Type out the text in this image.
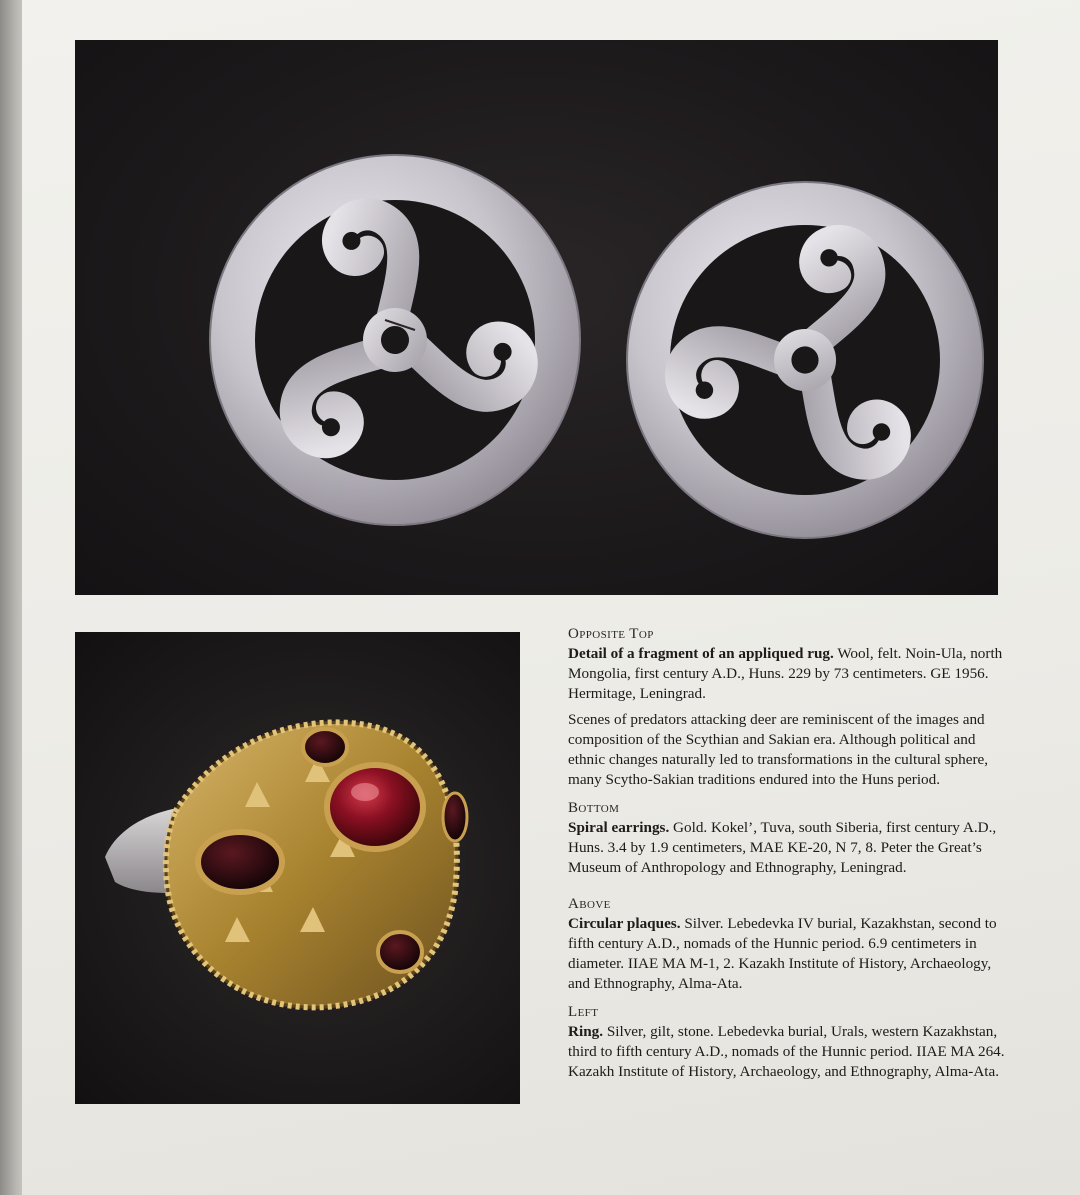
Opposite Top
Detail of a fragment of an appliqued rug. Wool, felt. Noin-Ula, north Mongolia, first century A.D., Huns. 229 by 73 centimeters. GE 1956. Hermitage, Leningrad.
Scenes of predators attacking deer are reminiscent of the images and composition of the Scythian and Sakian era. Although political and ethnic changes naturally led to transformations in the cultural sphere, many Scytho-Sakian traditions endured into the Huns period.
Bottom
Spiral earrings. Gold. Kokel’, Tuva, south Siberia, first century A.D., Huns. 3.4 by 1.9 centimeters, MAE KE-20, N 7, 8. Peter the Great’s Museum of Anthropology and Ethnography, Leningrad.
Above
Circular plaques. Silver. Lebedevka IV burial, Kazakhstan, second to fifth century A.D., nomads of the Hunnic period. 6.9 centimeters in diameter. IIAE MA M-1, 2. Kazakh Institute of History, Archaeology, and Ethnography, Alma-Ata.
Left
Ring. Silver, gilt, stone. Lebedevka burial, Urals, western Kazakhstan, third to fifth century A.D., nomads of the Hunnic period. IIAE MA 264. Kazakh Institute of History, Archaeology, and Ethnography, Alma-Ata.
